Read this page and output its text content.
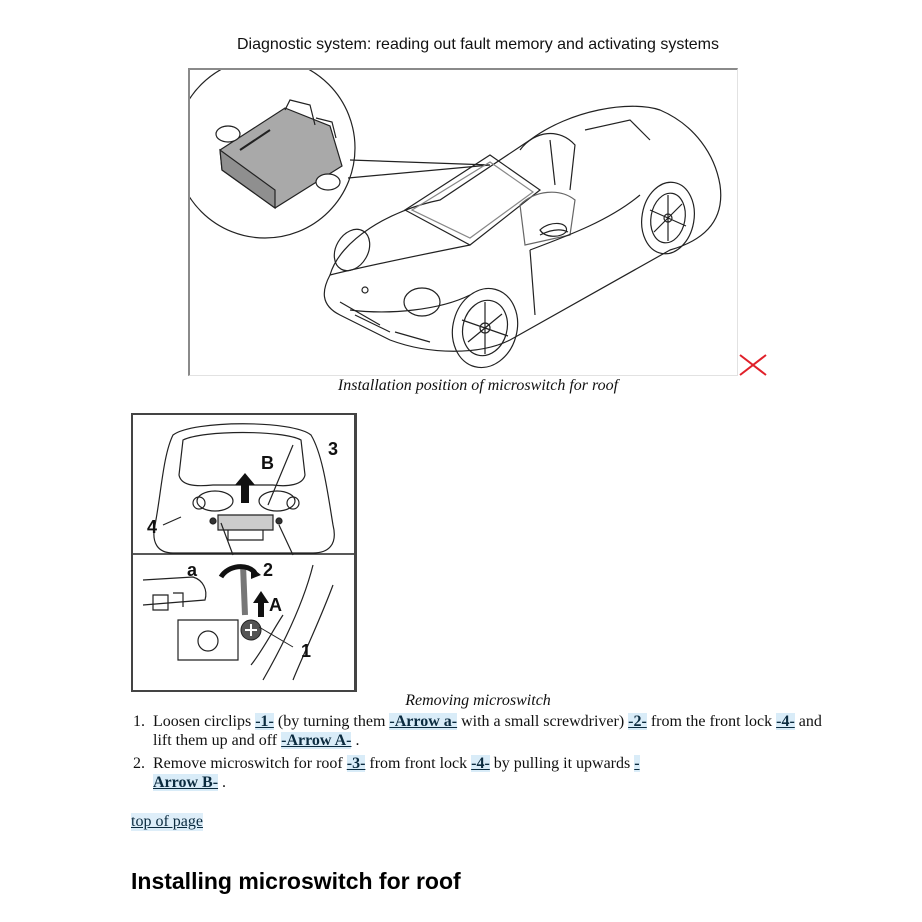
Diagnostic system: reading out fault memory and activating systems
Installation position of microswitch for roof
B
3
4
a	2
A
1
Removing microswitch
1. Loosen circlips -1- (by turning them -Arrow a- with a small screwdriver) -2- from the front lock -4- and lift them up and off -Arrow A- .
2. Remove microswitch for roof -3- from front lock -4- by pulling it upwards -Arrow B- .
top of page
Installing microswitch for roof
